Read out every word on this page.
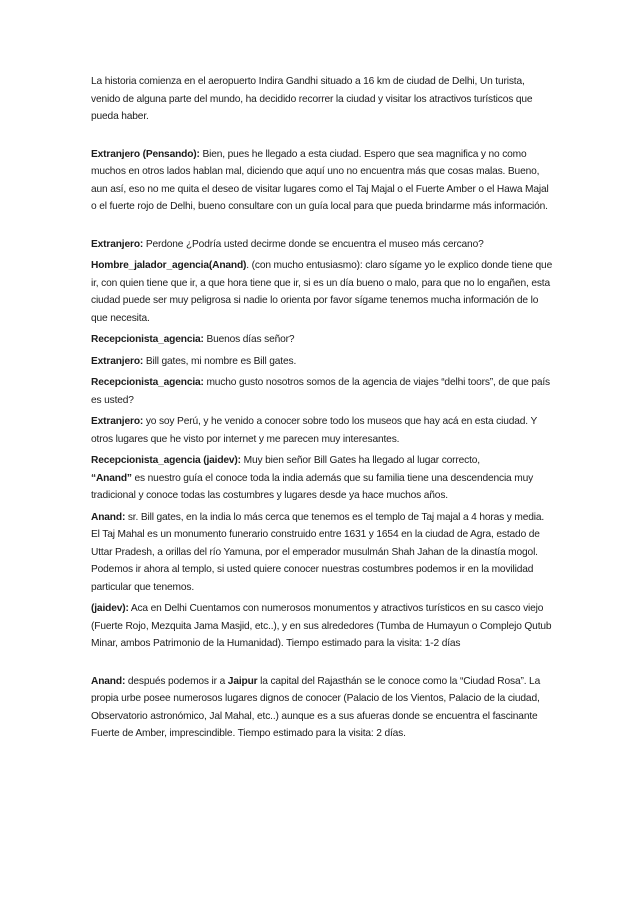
La historia comienza en el aeropuerto Indira Gandhi situado a 16 km de ciudad de Delhi, Un turista, venido de alguna parte del mundo, ha decidido recorrer la ciudad y visitar los atractivos turísticos que pueda haber.

Extranjero (Pensando): Bien, pues he llegado a esta ciudad. Espero que sea magnifica y no como muchos en otros lados hablan mal, diciendo que aquí uno no encuentra más que cosas malas. Bueno, aun así, eso no me quita el deseo de visitar lugares como el Taj Majal o el Fuerte Amber o el Hawa Majal o el fuerte rojo de Delhi, bueno consultare con un guía local para que pueda brindarme más información.

Extranjero: Perdone ¿Podría usted decirme donde se encuentra el museo más cercano?

Hombre_jalador_agencia(Anand). (con mucho entusiasmo): claro sígame yo le explico donde tiene que ir, con quien tiene que ir, a que hora tiene que ir, si es un día bueno o malo, para que no lo engañen, esta ciudad puede ser muy peligrosa si nadie lo orienta por favor sígame tenemos mucha información de lo que necesita.

Recepcionista_agencia: Buenos días señor?

Extranjero: Bill gates, mi nombre es Bill gates.

Recepcionista_agencia: mucho gusto nosotros somos de la agencia de viajes “delhi toors”, de que país es usted?

Extranjero: yo soy Perú, y he venido a conocer sobre todo los museos que hay acá en esta ciudad. Y otros lugares que he visto por internet y me parecen muy interesantes.

Recepcionista_agencia (jaidev): Muy bien señor Bill Gates ha llegado al lugar correcto,
“Anand” es nuestro guía el conoce toda la india además que su familia tiene una descendencia muy tradicional y conoce todas las costumbres y lugares desde ya hace muchos años.

Anand: sr. Bill gates, en la india lo más cerca que tenemos es el templo de Taj majal a 4 horas y media. El Taj Mahal es un monumento funerario construido entre 1631 y 1654 en la ciudad de Agra, estado de Uttar Pradesh, a orillas del río Yamuna, por el emperador musulmán Shah Jahan de la dinastía mogol. Podemos ir ahora al templo, si usted quiere conocer nuestras costumbres podemos ir en la movilidad particular que tenemos.

(jaidev): Aca en Delhi Cuentamos con numerosos monumentos y atractivos turísticos en su casco viejo (Fuerte Rojo, Mezquita Jama Masjid, etc..), y en sus alrededores (Tumba de Humayun o Complejo Qutub Minar, ambos Patrimonio de la Humanidad). Tiempo estimado para la visita: 1-2 días

Anand: después podemos ir a Jaipur la capital del Rajasthán se le conoce como la “Ciudad Rosa”. La propia urbe posee numerosos lugares dignos de conocer (Palacio de los Vientos, Palacio de la ciudad, Observatorio astronómico, Jal Mahal, etc..) aunque es a sus afueras donde se encuentra el fascinante Fuerte de Amber, imprescindible. Tiempo estimado para la visita: 2 días.
